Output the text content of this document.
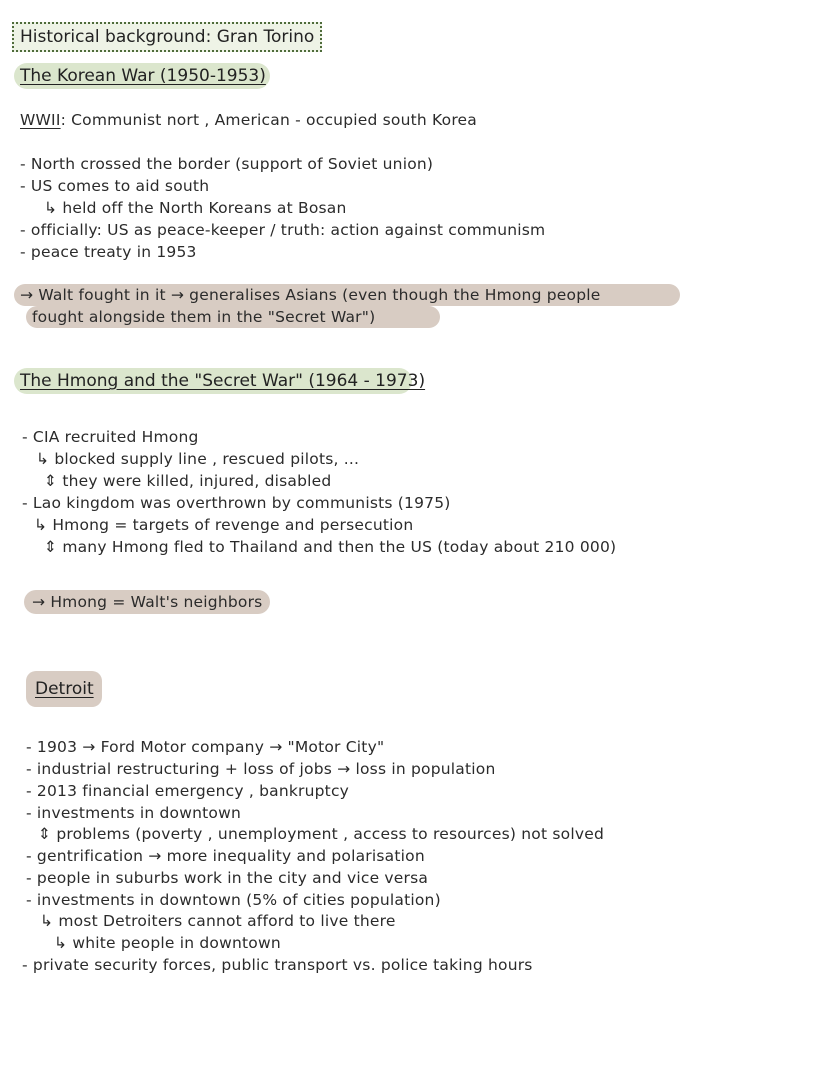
Historical background: Gran Torino
The Korean War (1950-1953)
WWII: Communist nort , American - occupied south Korea
- North crossed the border (support of Soviet union)
- US comes to aid south
↳ held off the North Koreans at Bosan
- officially: US as peace-keeper / truth: action against communism
- peace treaty in 1953
→ Walt fought in it → generalises Asians (even though the Hmong people
fought alongside them in the "Secret War")
The Hmong and the "Secret War" (1964 - 1973)
- CIA recruited Hmong
↳ blocked supply line , rescued pilots, ...
⇕ they were killed, injured, disabled
- Lao kingdom was overthrown by communists (1975)
↳ Hmong = targets of revenge and persecution
⇕ many Hmong fled to Thailand and then the US (today about 210 000)
→ Hmong = Walt's neighbors
Detroit
- 1903 → Ford Motor company → "Motor City"
- industrial restructuring + loss of jobs → loss in population
- 2013 financial emergency , bankruptcy
- investments in downtown
⇕ problems (poverty , unemployment , access to resources) not solved
- gentrification → more inequality and polarisation
- people in suburbs work in the city and vice versa
- investments in downtown (5% of cities population)
↳ most Detroiters cannot afford to live there
↳ white people in downtown
- private security forces, public transport vs. police taking hours
